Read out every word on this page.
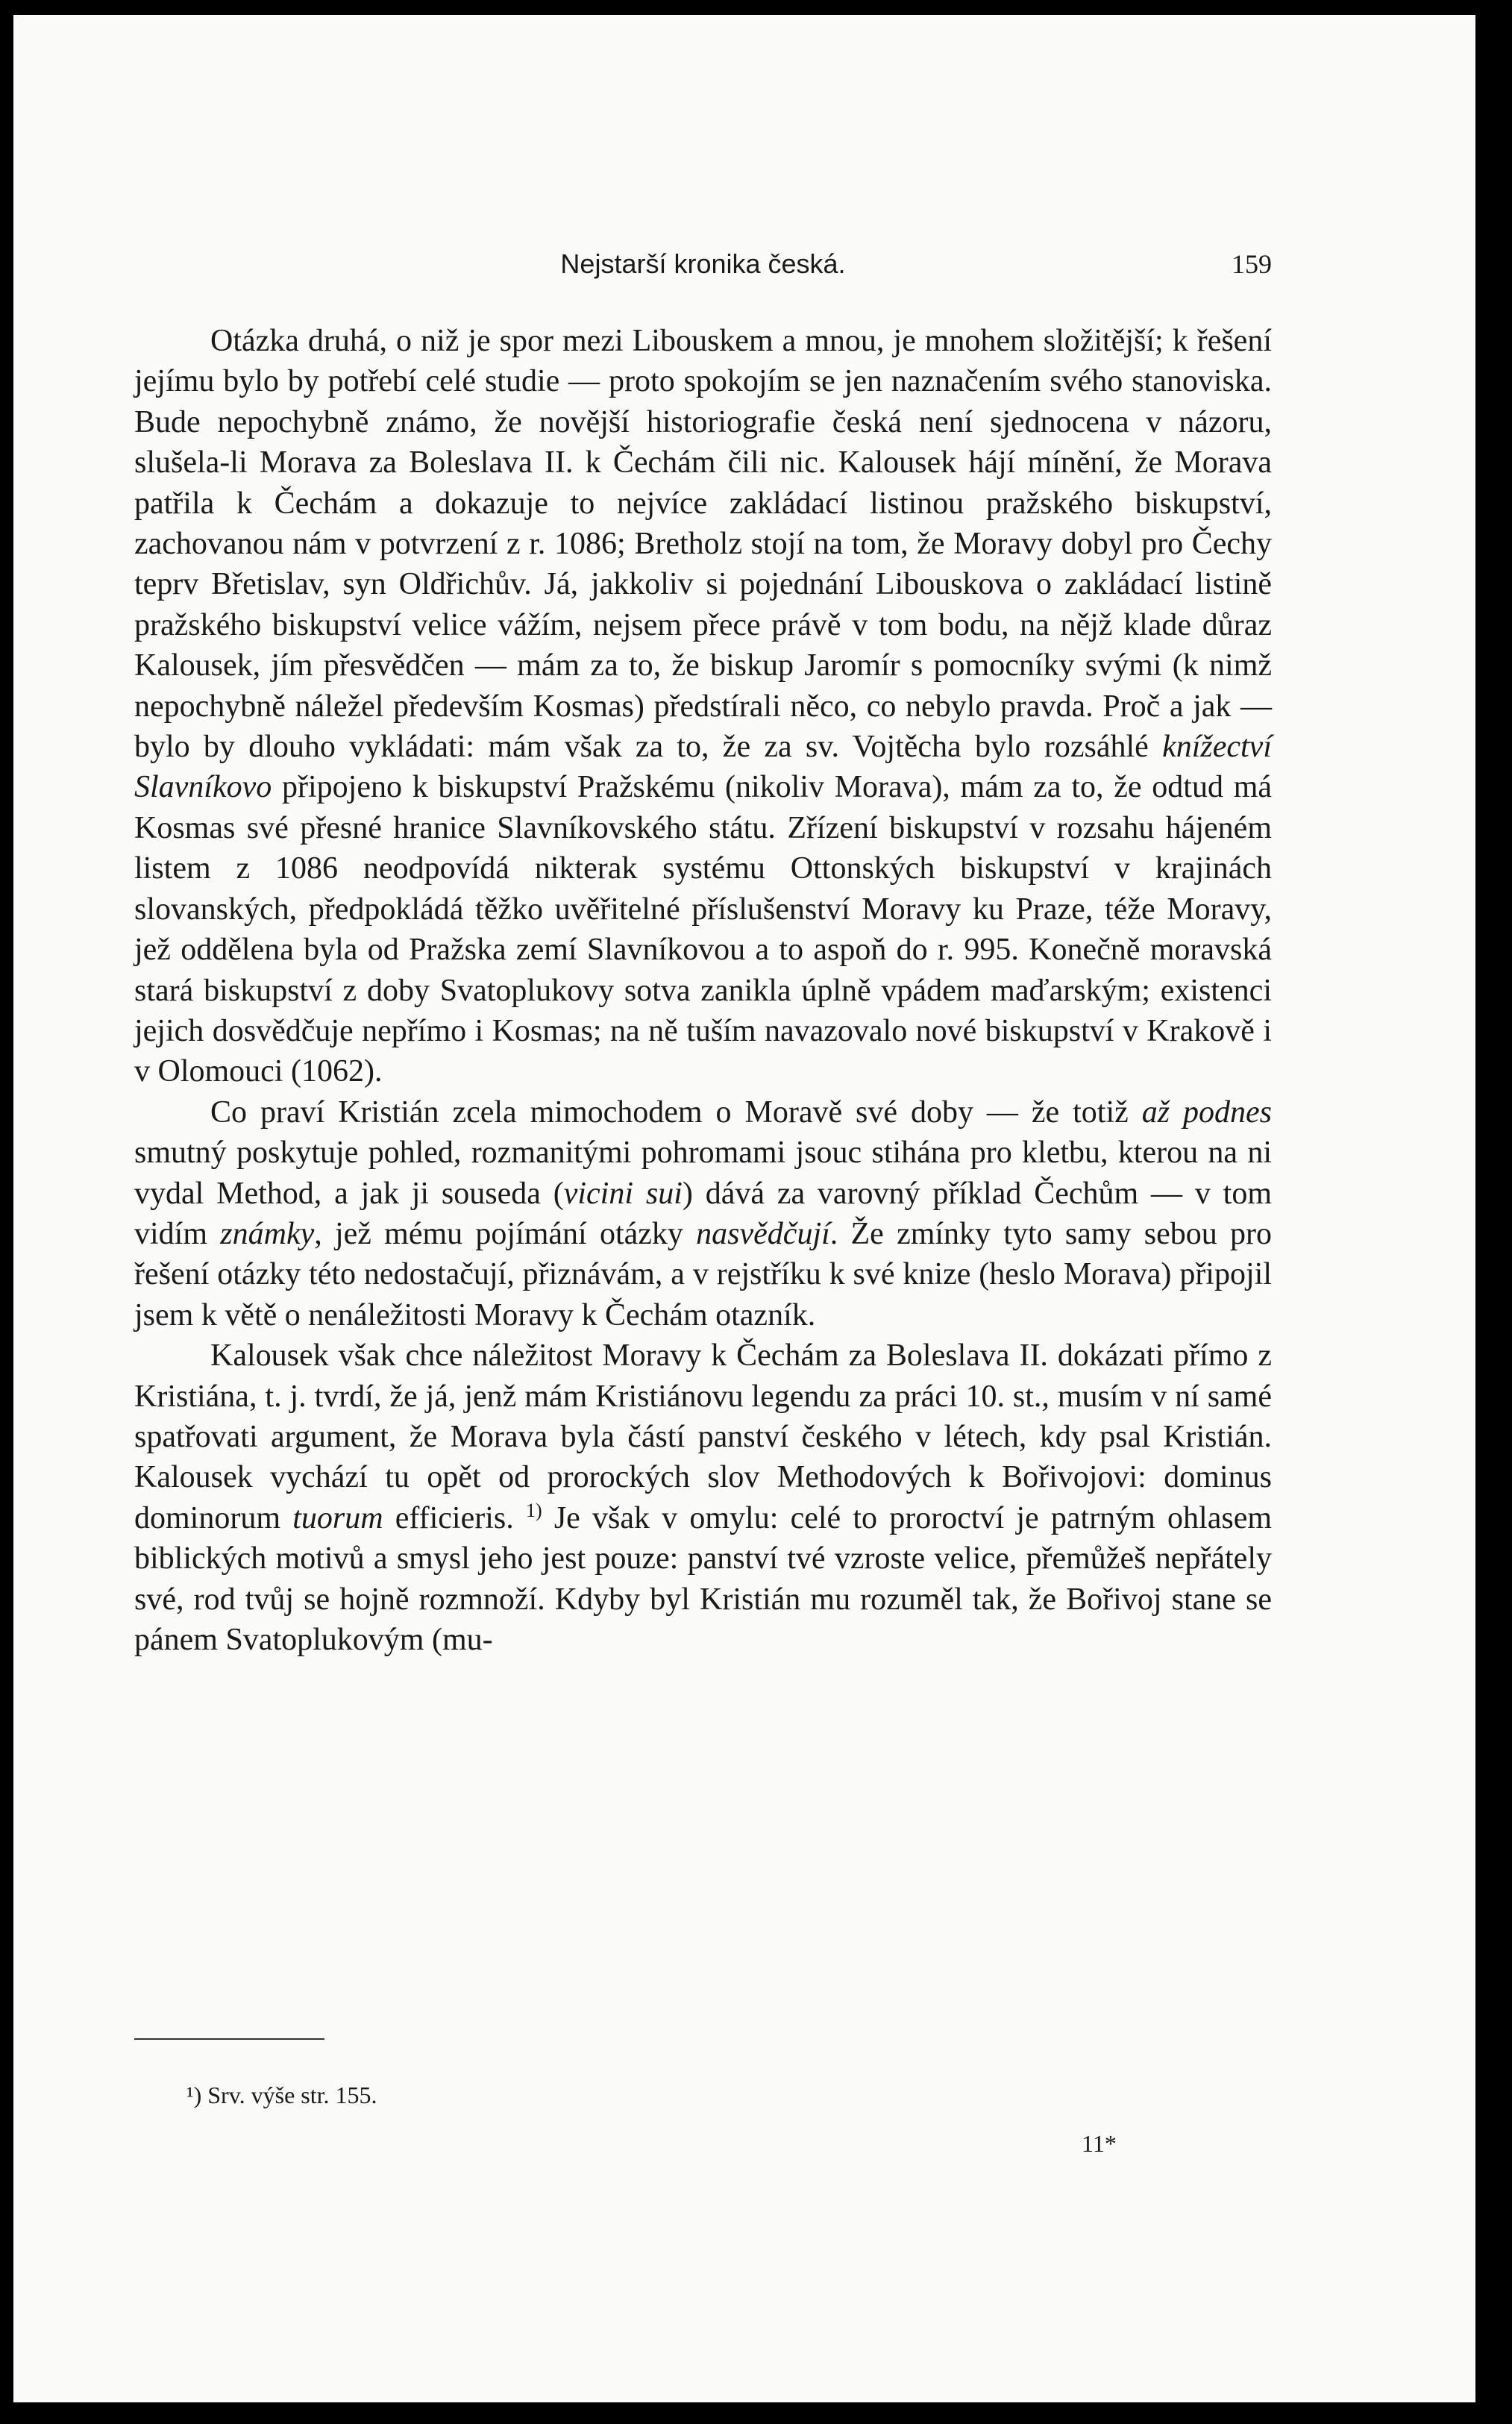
Nejstarší kronika česká.	159

Otázka druhá, o niž je spor mezi Libouskem a mnou, je mnohem složitější; k řešení jejímu bylo by potřebí celé studie — proto spokojím se jen naznačením svého stanoviska. Bude nepochybně známo, že novější historiografie česká není sjednocena v názoru, slušela-li Morava za Boleslava II. k Čechám čili nic. Kalousek hájí mínění, že Morava patřila k Čechám a dokazuje to nejvíce zakládací listinou pražského biskupství, zachovanou nám v potvrzení z r. 1086; Bretholz stojí na tom, že Moravy dobyl pro Čechy teprv Břetislav, syn Oldřichův. Já, jakkoliv si pojednání Libouskova o zakládací listině pražského biskupství velice vážím, nejsem přece právě v tom bodu, na nějž klade důraz Kalousek, jím přesvědčen — mám za to, že biskup Jaromír s pomocníky svými (k nimž nepochybně náležel především Kosmas) předstírali něco, co nebylo pravda. Proč a jak — bylo by dlouho vykládati: mám však za to, že za sv. Vojtěcha bylo rozsáhlé knížectví Slavníkovo připojeno k biskupství Pražskému (nikoliv Morava), mám za to, že odtud má Kosmas své přesné hranice Slavníkovského státu. Zřízení biskupství v rozsahu hájeném listem z 1086 neodpovídá nikterak systému Ottonských biskupství v krajinách slovanských, předpokládá těžko uvěřitelné příslušenství Moravy ku Praze, téže Moravy, jež oddělena byla od Pražska zemí Slavníkovou a to aspoň do r. 995. Konečně moravská stará biskupství z doby Svatoplukovy sotva zanikla úplně vpádem maďarským; existenci jejich dosvědčuje nepřímo i Kosmas; na ně tuším navazovalo nové biskupství v Krakově i v Olomouci (1062).

Co praví Kristián zcela mimochodem o Moravě své doby — že totiž až podnes smutný poskytuje pohled, rozmanitými pohromami jsouc stihána pro kletbu, kterou na ni vydal Method, a jak ji souseda (vicini sui) dává za varovný příklad Čechům — v tom vidím známky, jež mému pojímání otázky nasvědčují. Že zmínky tyto samy sebou pro řešení otázky této nedostačují, přiznávám, a v rejstříku k své knize (heslo Morava) připojil jsem k větě o nenáležitosti Moravy k Čechám otazník.

Kalousek však chce náležitost Moravy k Čechám za Boleslava II. dokázati přímo z Kristiána, t. j. tvrdí, že já, jenž mám Kristiánovu legendu za práci 10. st., musím v ní samé spatřovati argument, že Morava byla částí panství českého v létech, kdy psal Kristián. Kalousek vychází tu opět od prorockých slov Methodových k Bořivojovi: dominus dominorum tuorum efficieris. $^{1)}$ Je však v omylu: celé to proroctví je patrným ohlasem biblických motivů a smysl jeho jest pouze: panství tvé vzroste velice, přemůžeš nepřátely své, rod tvůj se hojně rozmnoží. Kdyby byl Kristián mu rozuměl tak, že Bořivoj stane se pánem Svatoplukovým (mu-

¹) Srv. výše str. 155.
11*
